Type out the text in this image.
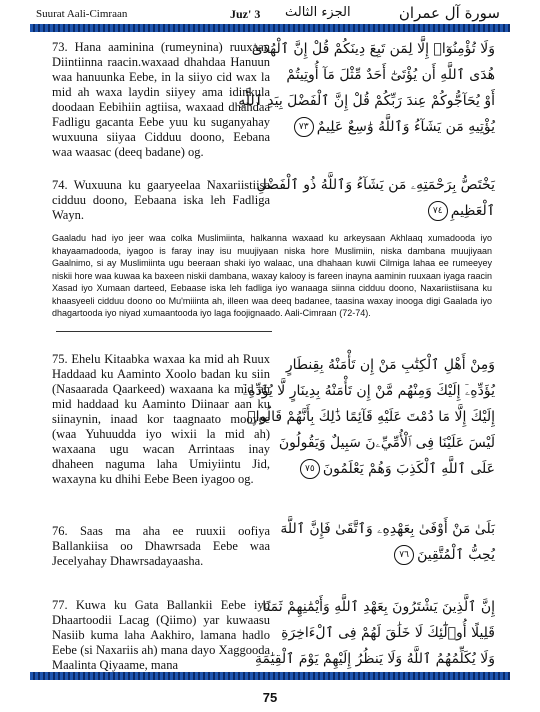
Suurat Aali-Cimraan	Juz' 3 الجزء الثالث	سورة آل عمران
73. Hana aaminina (rumeynina) ruuxaan Diintiinna raacin.waxaad dhahdaa Hanuun waa hanuunka Eebe, in la siiyo cid wax la mid ah waxa laydin siiyey ama idinkula doodaan Eebihiin agtiisa, waxaad dhahdaa Fadligu gacanta Eebe yuu ku suganyahay wuxuuna siiyaa Cidduu doono, Eebana waa waasac (deeq badane) og.
وَلَا تُؤْمِنُوٓا۟ إِلَّا لِمَن تَبِعَ دِينَكُمْ قُلْ إِنَّ ٱلْهُدَىٰ
هُدَى ٱللَّهِ أَن يُؤْتَىٰٓ أَحَدٌ مِّثْلَ مَآ أُوتِيتُمْ
أَوْ يُحَآجُّوكُمْ عِندَ رَبِّكُمْ قُلْ إِنَّ ٱلْفَضْلَ بِيَدِ ٱللَّهِ
يُؤْتِيهِ مَن يَشَآءُ وَٱللَّهُ وَٰسِعٌ عَلِيمٌ٧٣
74. Wuxuuna ku gaaryeelaa Naxariistiisa cidduu doono, Eebaana iska leh Fadliga Wayn.
يَخْتَصُّ بِرَحْمَتِهِۦ مَن يَشَآءُ وَٱللَّهُ ذُو ٱلْفَضْلِ
ٱلْعَظِيمِ٧٤
Gaaladu had iyo jeer waa colka Muslimiinta, halkanna waxaad ku arkeysaan Akhlaaq xumadooda iyo khayaamadooda, iyagoo is faray inay isu muujiyaan niska hore Muslimiin, niska dambana muujiyaan Gaalnimo, si ay Muslimiinta ugu beeraan shaki iyo walaac, una dhahaan kuwii Cilmiga lahaa ee rumeeyey niskii hore waa kuwaa ka baxeen niskii dambana, waxay kalooy is fareen inayna aaminin ruuxaan iyaga raacin Xasad iyo Xumaan darteed, Eebaase iska leh fadliga iyo wanaaga siinna cidduu doono, Naxariistiisana ku khaasyeeli cidduu doono oo Mu'miiinta ah, illeen waa deeq badanee, taasina waxay inooga digi Gaalada iyo dhagartooda iyo niyad xumaantooda iyo laga foojignaado. Aali-Cimraan (72-74).
75. Ehelu Kitaabka waxaa ka mid ah Ruux Haddaad ku Aaminto Xoolo badan ku siin (Nasaarada Qaarkeed) waxaana ka mid ah mid haddaad ku Aaminto Diinaar aan ku siinaynin, inaad kor taagnaato mooyee (waa Yuhuudda iyo wixii la mid ah) waxaana ugu wacan Arrintaas inay dhaheen naguma laha Umiyiintu Jid, waxayna ku dhihi Eebe Been iyagoo og.
وَمِنْ أَهْلِ ٱلْكِتَٰبِ مَنْ إِن تَأْمَنْهُ بِقِنطَارٍ
يُؤَدِّهِۦٓ إِلَيْكَ وَمِنْهُم مَّنْ إِن تَأْمَنْهُ بِدِينَارٍ لَّا يُؤَدِّهِۦٓ
إِلَيْكَ إِلَّا مَا دُمْتَ عَلَيْهِ قَآئِمًا ذَٰلِكَ بِأَنَّهُمْ قَالُوا۟
لَيْسَ عَلَيْنَا فِى ٱلْأُمِّيِّۦنَ سَبِيلٌ وَيَقُولُونَ
عَلَى ٱللَّهِ ٱلْكَذِبَ وَهُمْ يَعْلَمُونَ٧٥
76. Saas ma aha ee ruuxii oofiya Ballankiisa oo Dhawrsada Eebe waa Jecelyahay Dhawrsadayaasha.
بَلَىٰ مَنْ أَوْفَىٰ بِعَهْدِهِۦ وَٱتَّقَىٰ فَإِنَّ ٱللَّهَ
يُحِبُّ ٱلْمُتَّقِينَ٧٦
77. Kuwa ku Gata Ballankii Eebe iyo Dhaartoodii Lacag (Qiimo) yar kuwaasu Nasiib kuma laha Aakhiro, lamana hadlo Eebe (si Naxariis ah) mana dayo Xaggooda Maalinta Qiyaame, mana
إِنَّ ٱلَّذِينَ يَشْتَرُونَ بِعَهْدِ ٱللَّهِ وَأَيْمَٰنِهِمْ ثَمَنًا
قَلِيلًا أُو۟لَٰٓئِكَ لَا خَلَٰقَ لَهُمْ فِى ٱلْءَاخِرَةِ
وَلَا يُكَلِّمُهُمُ ٱللَّهُ وَلَا يَنظُرُ إِلَيْهِمْ يَوْمَ ٱلْقِيَٰمَةِ
75
